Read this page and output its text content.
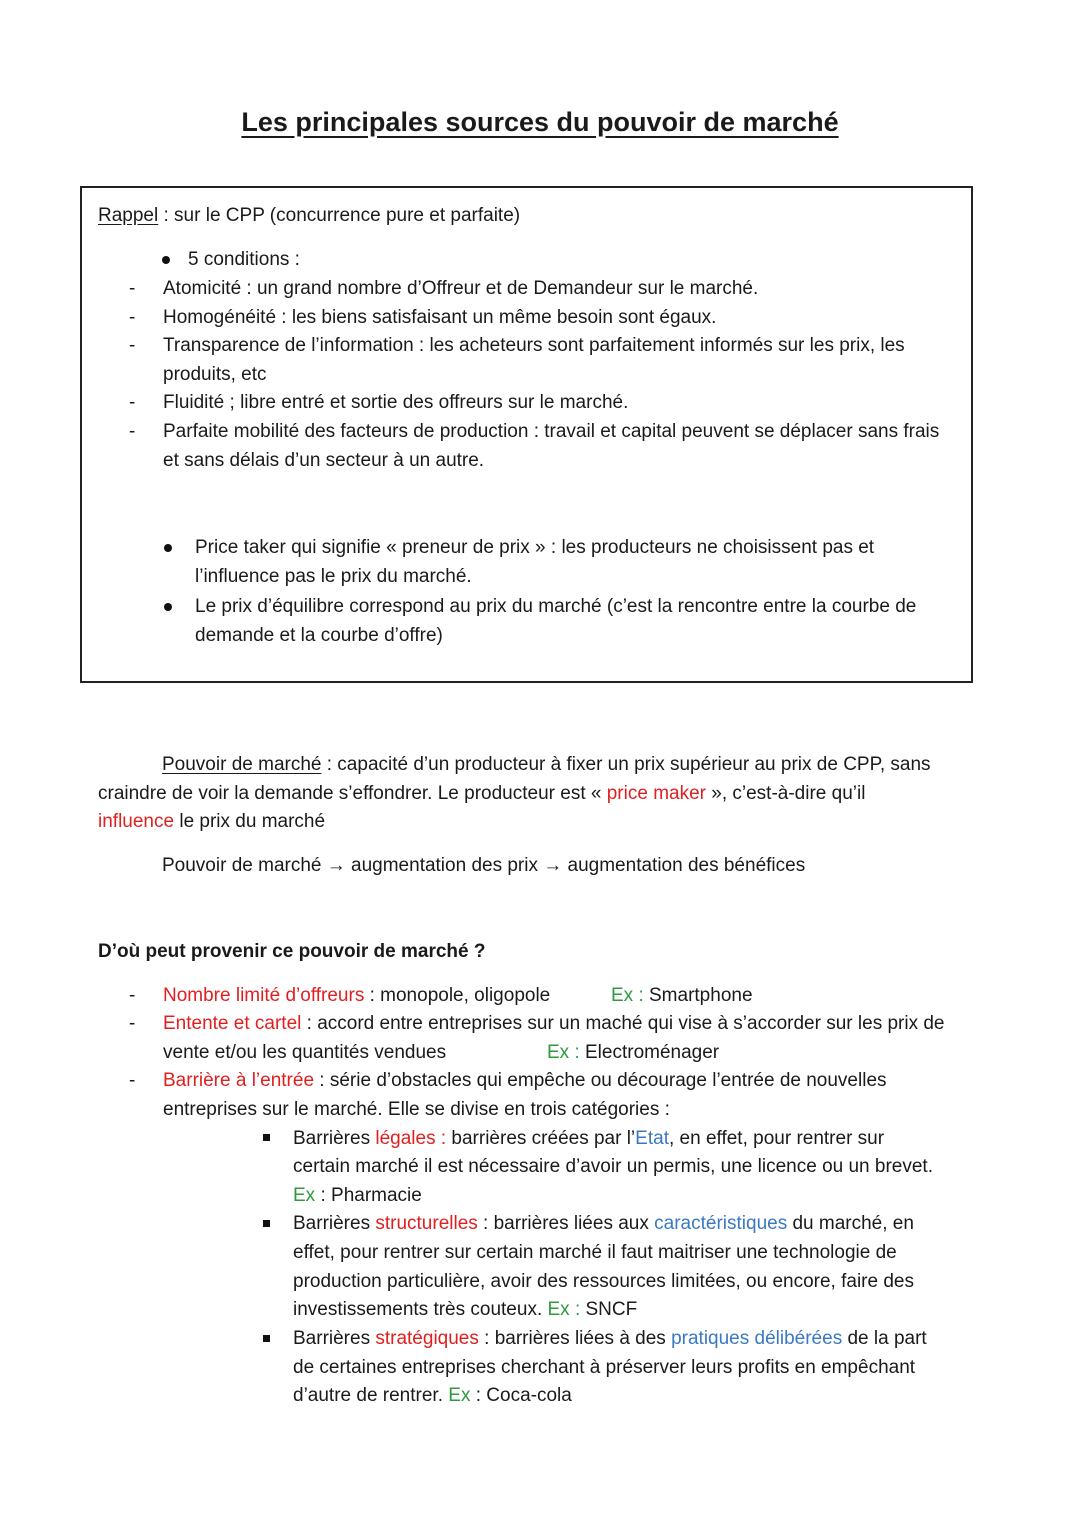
Les principales sources du pouvoir de marché
Rappel : sur le CPP (concurrence pure et parfaite)
5 conditions :
- Atomicité : un grand nombre d’Offreur et de Demandeur sur le marché.
- Homogénéité : les biens satisfaisant un même besoin sont égaux.
- Transparence de l’information : les acheteurs sont parfaitement informés sur les prix, les
produits, etc
- Fluidité ; libre entré et sortie des offreurs sur le marché.
- Parfaite mobilité des facteurs de production : travail et capital peuvent se déplacer sans frais
et sans délais d’un secteur à un autre.
Price taker qui signifie « preneur de prix » : les producteurs ne choisissent pas et
l’influence pas le prix du marché.
Le prix d’équilibre correspond au prix du marché (c’est la rencontre entre la courbe de
demande et la courbe d’offre)
Pouvoir de marché : capacité d’un producteur à fixer un prix supérieur au prix de CPP, sans
craindre de voir la demande s’effondrer. Le producteur est « price maker », c’est-à-dire qu’il
influence le prix du marché
Pouvoir de marché → augmentation des prix → augmentation des bénéfices
D’où peut provenir ce pouvoir de marché ?
- Nombre limité d’offreurs : monopole, oligopole	Ex : Smartphone
- Entente et cartel : accord entre entreprises sur un maché qui vise à s’accorder sur les prix de
vente et/ou les quantités vendues	Ex : Electroménager
- Barrière à l’entrée : série d’obstacles qui empêche ou décourage l’entrée de nouvelles
entreprises sur le marché. Elle se divise en trois catégories :
Barrières légales : barrières créées par l’Etat, en effet, pour rentrer sur
certain marché il est nécessaire d’avoir un permis, une licence ou un brevet.
Ex : Pharmacie
Barrières structurelles : barrières liées aux caractéristiques du marché, en
effet, pour rentrer sur certain marché il faut maitriser une technologie de
production particulière, avoir des ressources limitées, ou encore, faire des
investissements très couteux. Ex : SNCF
Barrières stratégiques : barrières liées à des pratiques délibérées de la part
de certaines entreprises cherchant à préserver leurs profits en empêchant
d’autre de rentrer. Ex : Coca-cola
